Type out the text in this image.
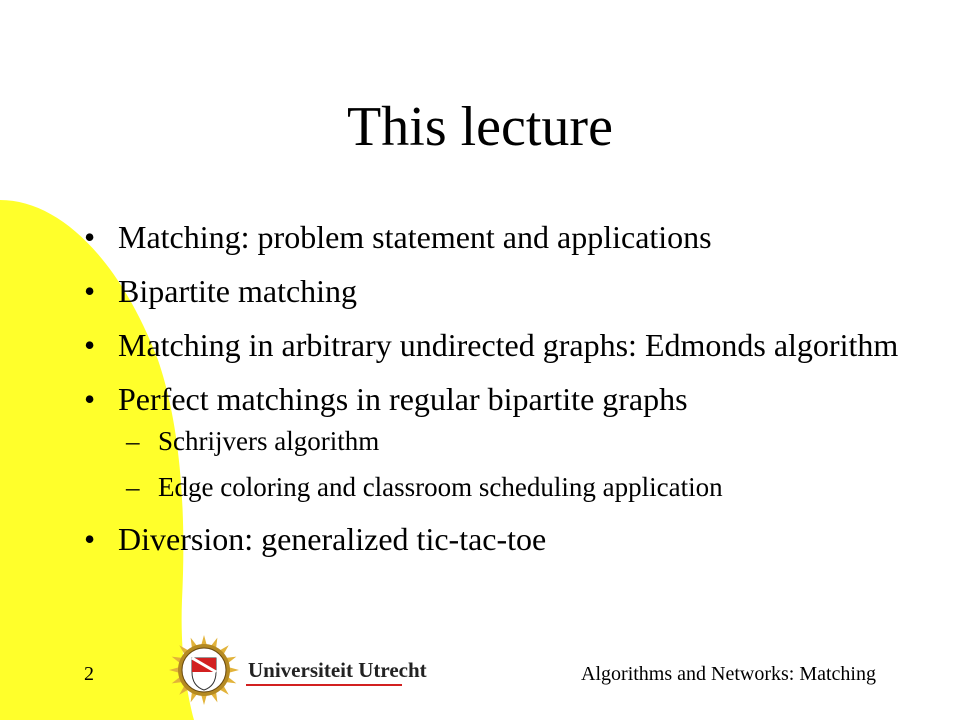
This lecture
• Matching: problem statement and applications
• Bipartite matching
• Matching in arbitrary undirected graphs: Edmonds algorithm
• Perfect matchings in regular bipartite graphs
– Schrijvers algorithm
– Edge coloring and classroom scheduling application
• Diversion: generalized tic-tac-toe
2	Universiteit Utrecht	Algorithms and Networks: Matching
